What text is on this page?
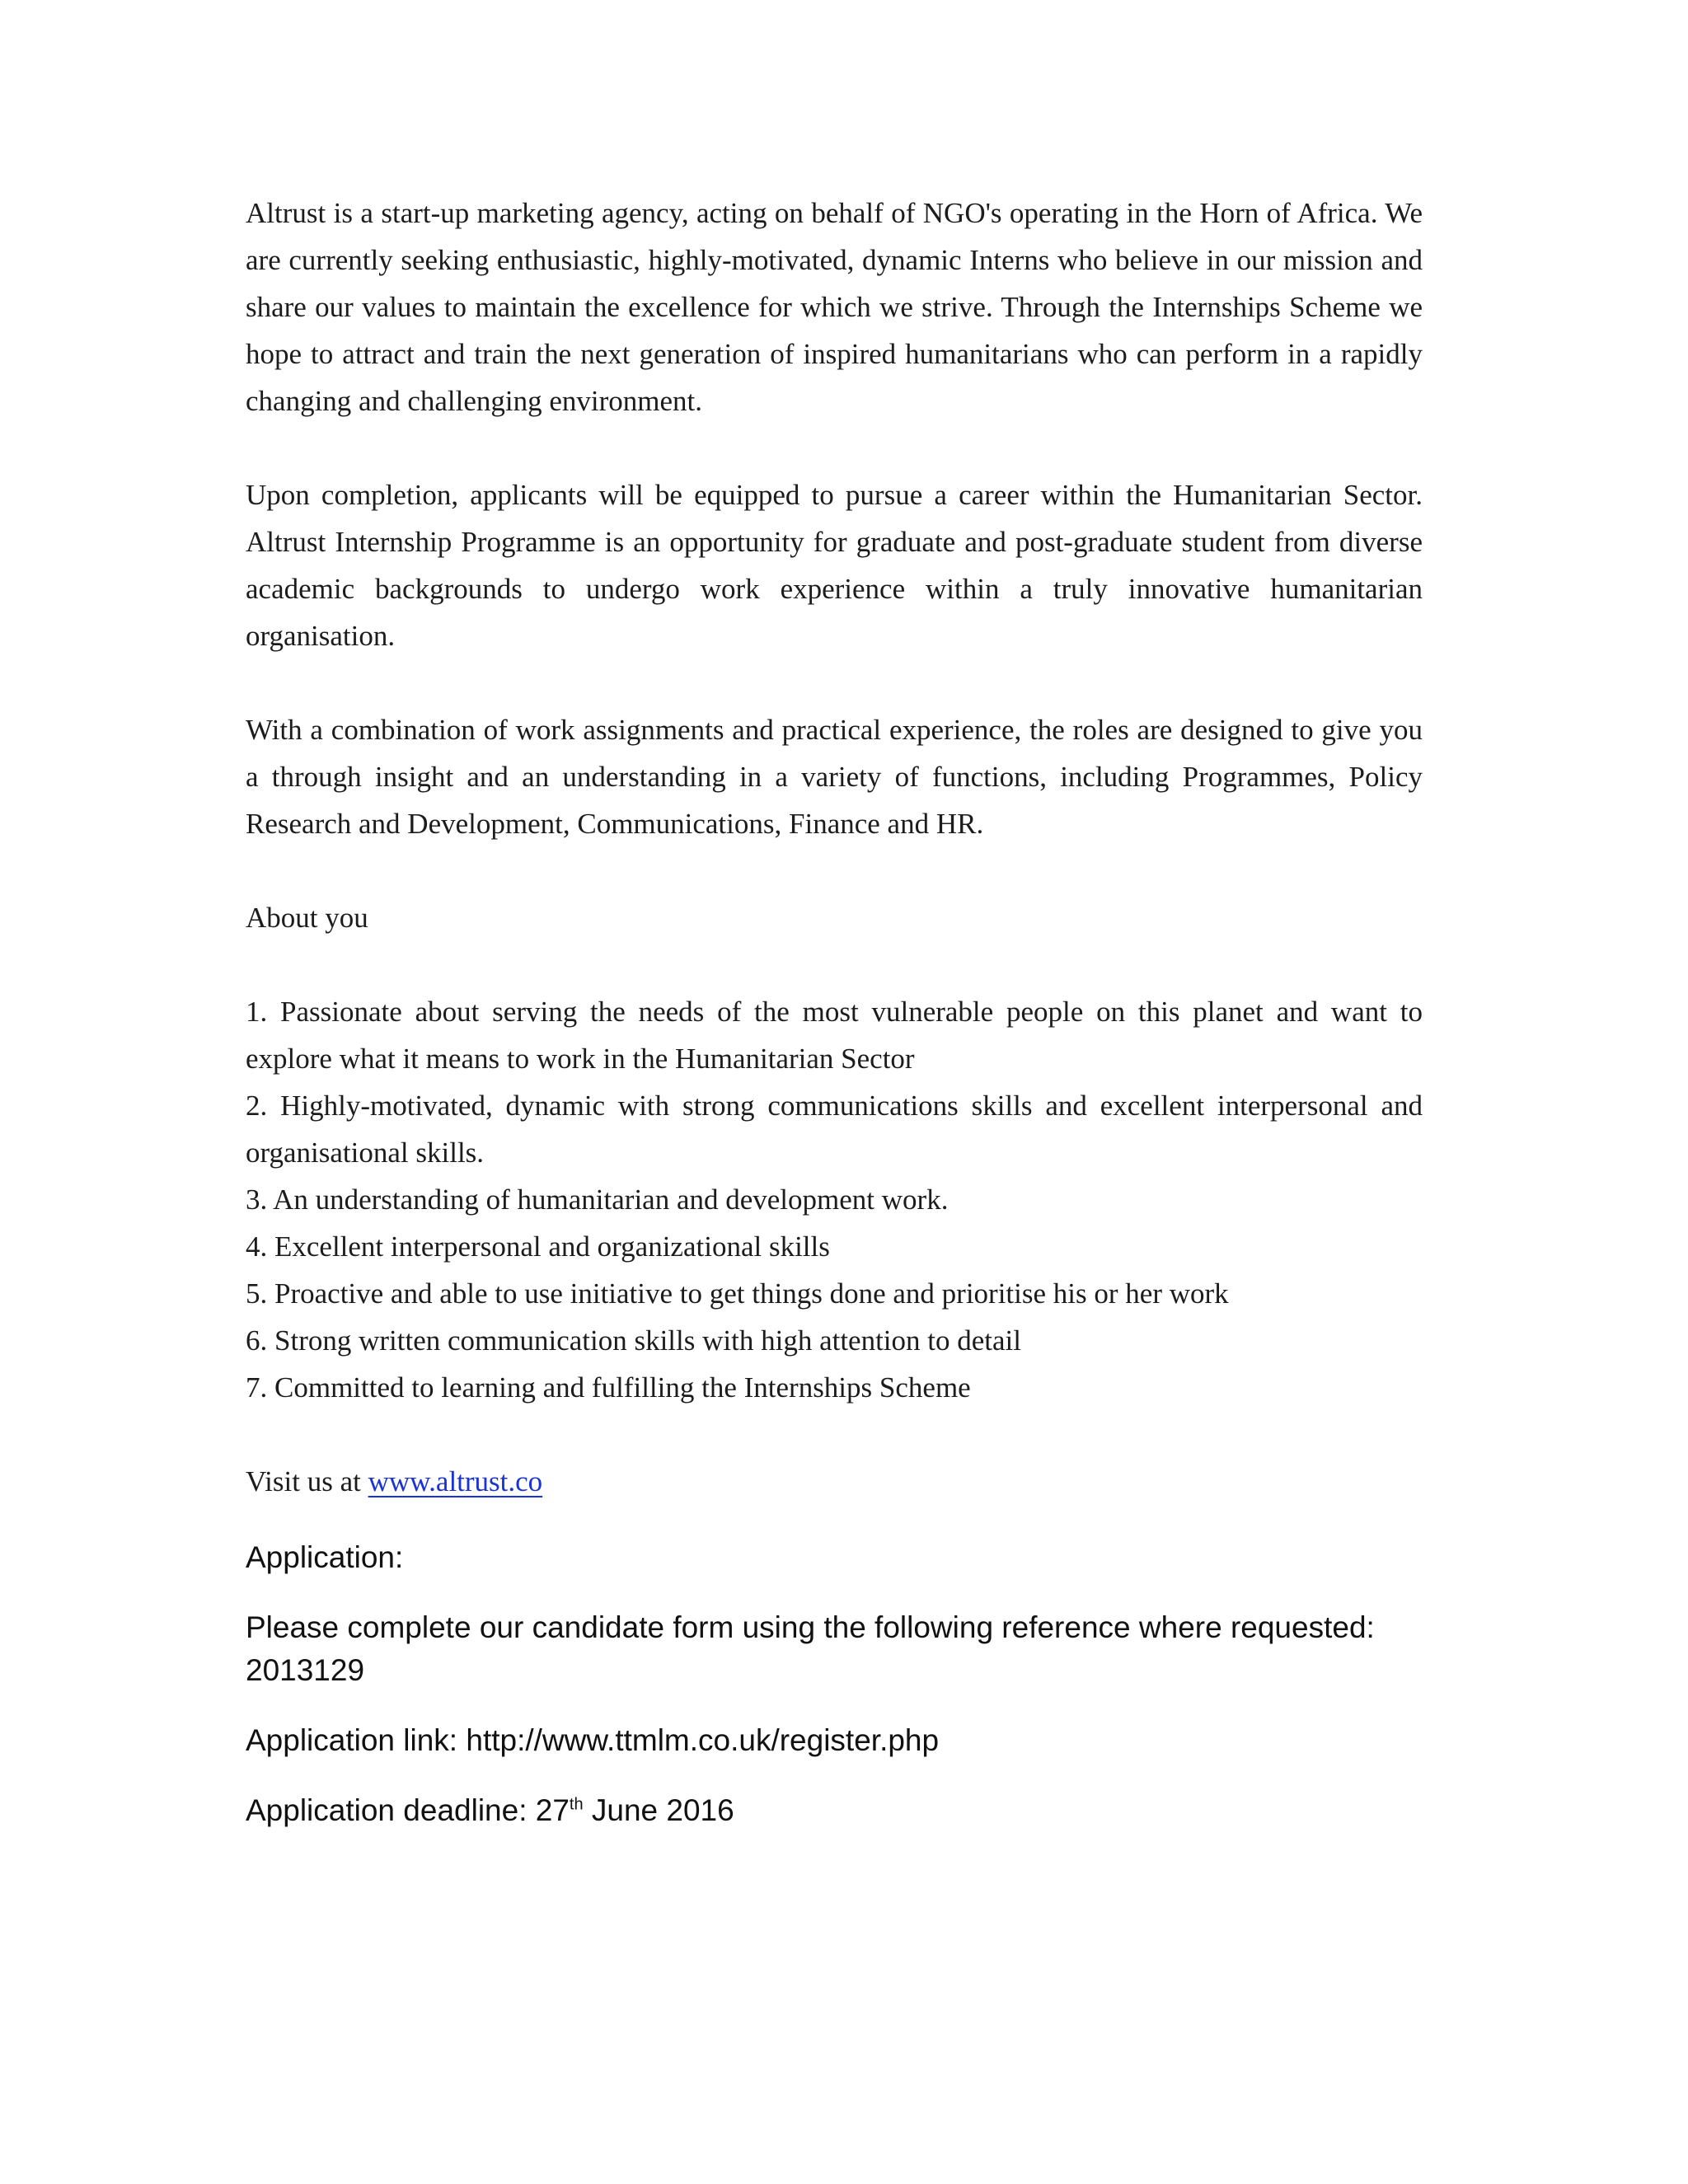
Altrust is a start-up marketing agency, acting on behalf of NGO's operating in the Horn of Africa. We are currently seeking enthusiastic, highly-motivated, dynamic Interns who believe in our mission and share our values to maintain the excellence for which we strive. Through the Internships Scheme we hope to attract and train the next generation of inspired humanitarians who can perform in a rapidly changing and challenging environment.

Upon completion, applicants will be equipped to pursue a career within the Humanitarian Sector. Altrust Internship Programme is an opportunity for graduate and post-graduate student from diverse academic backgrounds to undergo work experience within a truly innovative humanitarian organisation.

With a combination of work assignments and practical experience, the roles are designed to give you a through insight and an understanding in a variety of functions, including Programmes, Policy Research and Development, Communications, Finance and HR.

About you

1. Passionate about serving the needs of the most vulnerable people on this planet and want to explore what it means to work in the Humanitarian Sector
2. Highly-motivated, dynamic with strong communications skills and excellent interpersonal and organisational skills.
3. An understanding of humanitarian and development work.
4. Excellent interpersonal and organizational skills
5. Proactive and able to use initiative to get things done and prioritise his or her work
6. Strong written communication skills with high attention to detail
7. Committed to learning and fulfilling the Internships Scheme

Visit us at www.altrust.co

Application:

Please complete our candidate form using the following reference where requested:
2013129

Application link: http://www.ttmlm.co.uk/register.php

Application deadline: 27th June 2016
